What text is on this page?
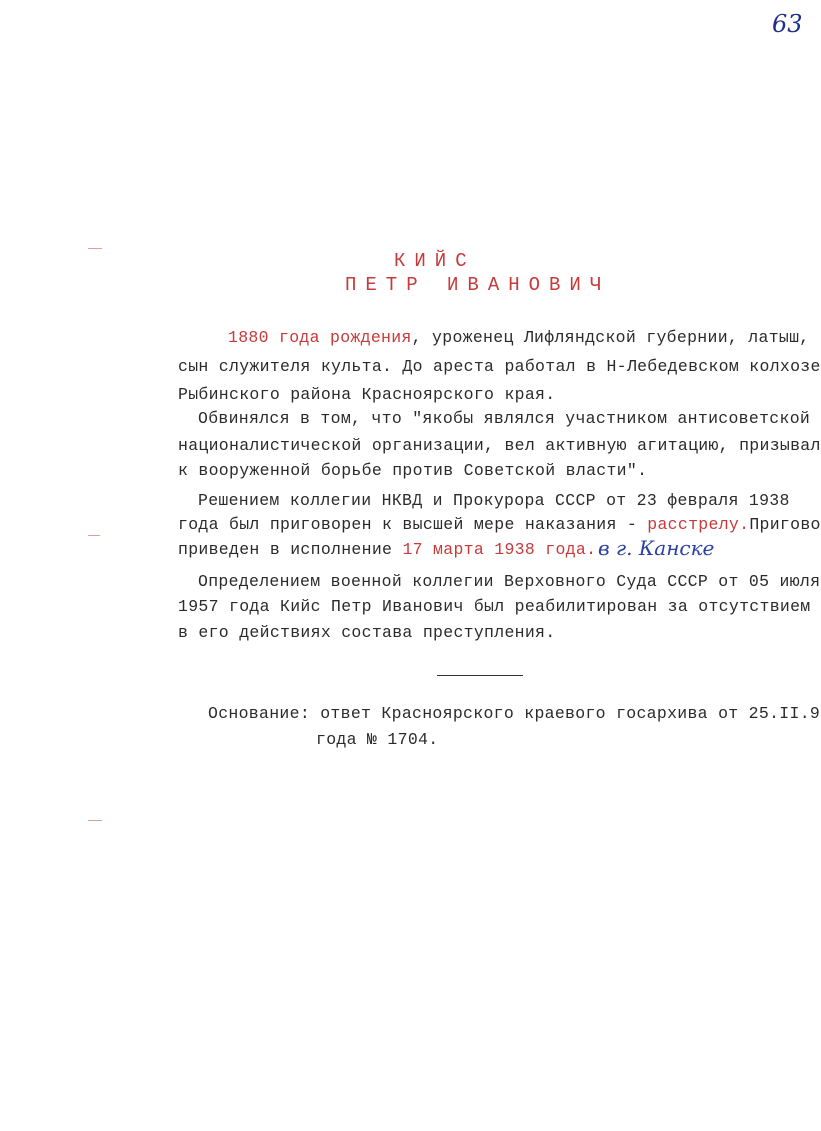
63
КИЙС
ПЕТР ИВАНОВИЧ
1880 года рождения, уроженец Лифляндской губернии, латыш,
сын служителя культа. До ареста работал в Н-Лебедевском колхозе
Рыбинского района Красноярского края.
Обвинялся в том, что "якобы являлся участником антисоветской
националистической организации, вел активную агитацию, призывал
к вооруженной борьбе против Советской власти".
Решением коллегии НКВД и Прокурора СССР от 23 февраля 1938
года был приговорен к высшей мере наказания - расстрелу.Пригово
приведен в исполнение 17 марта 1938 года. в г. Канске
Определением военной коллегии Верховного Суда СССР от 05 июля
1957 года Кийс Петр Иванович был реабилитирован за отсутствием
в его действиях состава преступления.
Основание: ответ Красноярского краевого госархива от 25.II.9
года № 1704.
